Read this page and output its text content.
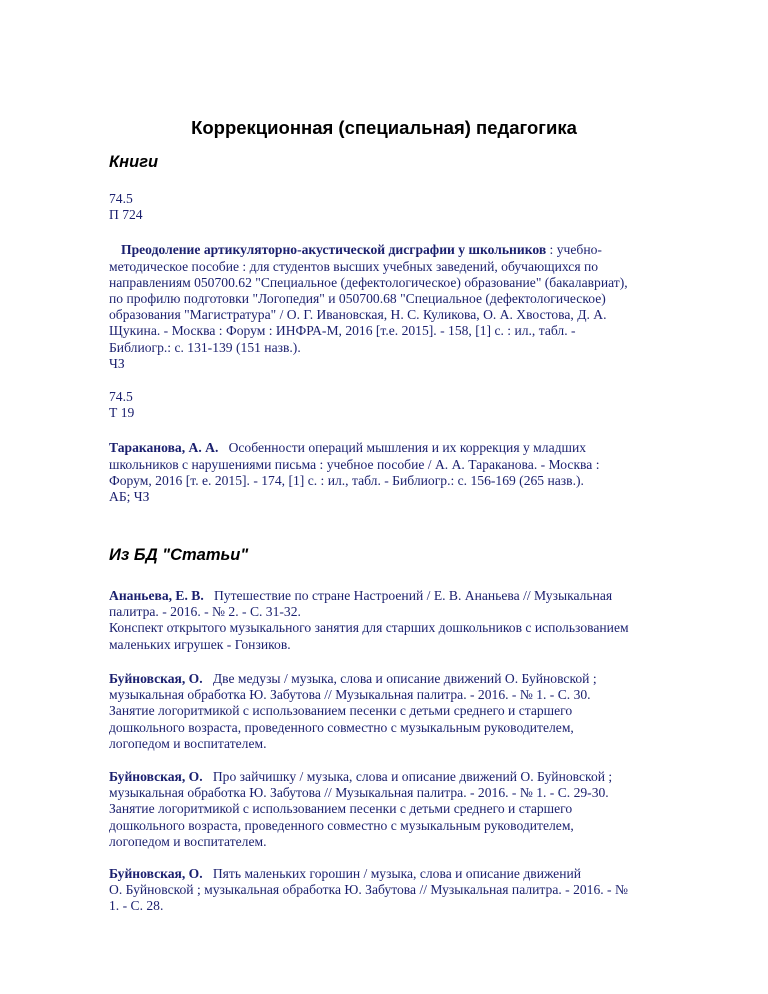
Коррекционная (специальная) педагогика
Книги

74.5

П 724

Преодоление артикуляторно-акустической дисграфии у школьников : учебно-

методическое пособие : для студентов высших учебных заведений, обучающихся по

направлениям 050700.62 "Специальное (дефектологическое) образование" (бакалавриат),

по профилю подготовки "Логопедия" и 050700.68 "Специальное (дефектологическое)

образования "Магистратура" / О. Г. Ивановская, Н. С. Куликова, О. А. Хвостова, Д. А.

Щукина. - Москва : Форум : ИНФРА-М, 2016 [т.е. 2015]. - 158, [1] с. : ил., табл. -

Библиогр.: с. 131-139 (151 назв.).

ЧЗ

74.5

Т 19

Тараканова, А. А.   Особенности операций мышления и их коррекция у младших

школьников с нарушениями письма : учебное пособие / А. А. Тараканова. - Москва :

Форум, 2016 [т. е. 2015]. - 174, [1] с. : ил., табл. - Библиогр.: с. 156-169 (265 назв.).

АБ; ЧЗ

Из БД "Статьи"

Ананьева, Е. В.   Путешествие по стране Настроений / Е. В. Ананьева // Музыкальная

палитра. - 2016. - № 2. - С. 31-32.

Конспект открытого музыкального занятия для старших дошкольников с использованием

маленьких игрушек - Гонзиков.

Буйновская, О.   Две медузы / музыка, слова и описание движений О. Буйновской ;

музыкальная обработка Ю. Забутова // Музыкальная палитра. - 2016. - № 1. - С. 30.

Занятие логоритмикой с использованием песенки с детьми среднего и старшего

дошкольного возраста, проведенного совместно с музыкальным руководителем,

логопедом и воспитателем.

Буйновская, О.   Про зайчишку / музыка, слова и описание движений О. Буйновской ;

музыкальная обработка Ю. Забутова // Музыкальная палитра. - 2016. - № 1. - С. 29-30.

Занятие логоритмикой с использованием песенки с детьми среднего и старшего

дошкольного возраста, проведенного совместно с музыкальным руководителем,

логопедом и воспитателем.

Буйновская, О.   Пять маленьких горошин / музыка, слова и описание движений

О. Буйновской ; музыкальная обработка Ю. Забутова // Музыкальная палитра. - 2016. - №

1. - С. 28.
